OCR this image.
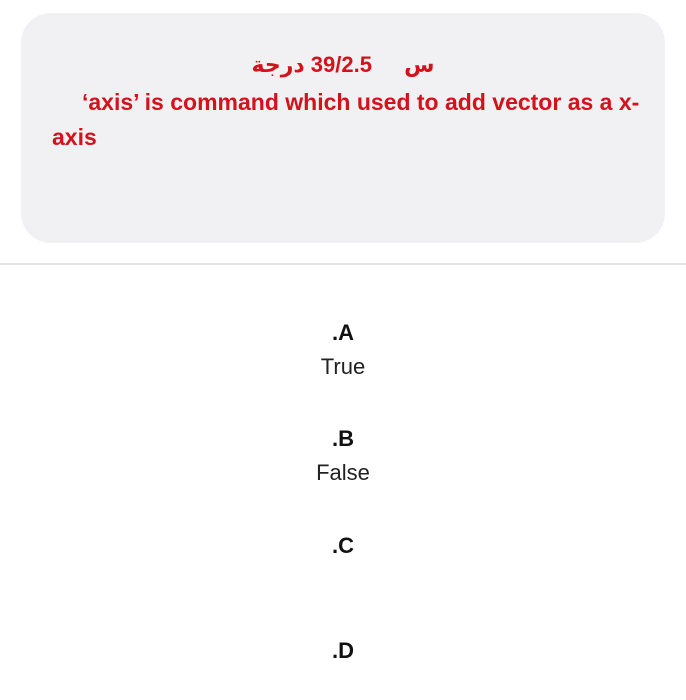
س 39/2.5 درجة
‘axis’ is command which used to add vector as a x-axis
.A
True
.B
False
.C
.D
